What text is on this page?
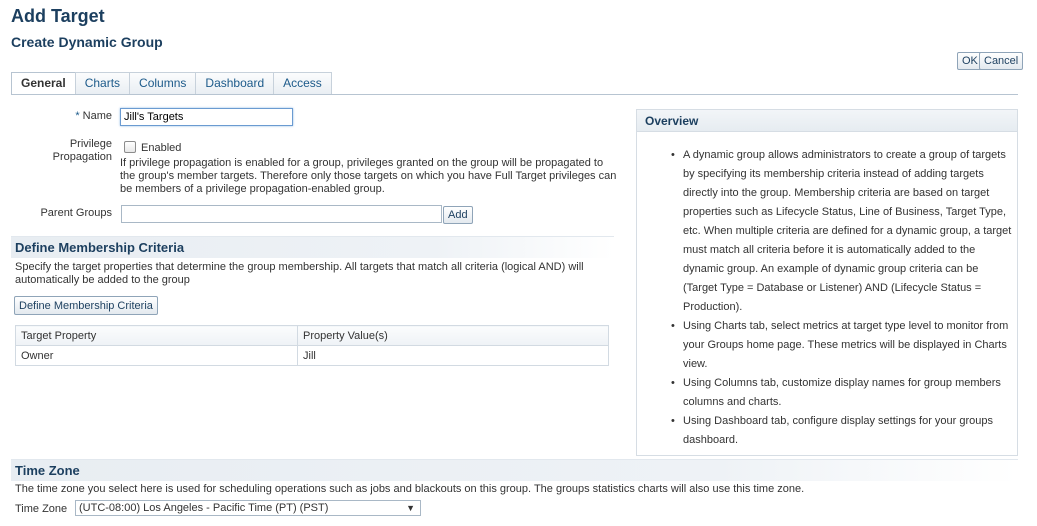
Add Target
Create Dynamic Group
OK Cancel
General	Charts	Columns	Dashboard	Access
* Name
Jill's Targets
Privilege
Propagation
Enabled
If privilege propagation is enabled for a group, privileges granted on the group will be propagated to the group's member targets. Therefore only those targets on which you have Full Target privileges can be members of a privilege propagation-enabled group.
Parent Groups	Add
Define Membership Criteria
Specify the target properties that determine the group membership. All targets that match all criteria (logical AND) will automatically be added to the group
Define Membership Criteria
Target Property	Property Value(s)
Owner	Jill
Overview
• A dynamic group allows administrators to create a group of targets by specifying its membership criteria instead of adding targets directly into the group. Membership criteria are based on target properties such as Lifecycle Status, Line of Business, Target Type, etc. When multiple criteria are defined for a dynamic group, a target must match all criteria before it is automatically added to the dynamic group. An example of dynamic group criteria can be (Target Type = Database or Listener) AND (Lifecycle Status = Production).
• Using Charts tab, select metrics at target type level to monitor from your Groups home page. These metrics will be displayed in Charts view.
• Using Columns tab, customize display names for group members columns and charts.
• Using Dashboard tab, configure display settings for your groups dashboard.
Time Zone
The time zone you select here is used for scheduling operations such as jobs and blackouts on this group. The groups statistics charts will also use this time zone.
Time Zone	(UTC-08:00) Los Angeles - Pacific Time (PT) (PST)	▼
